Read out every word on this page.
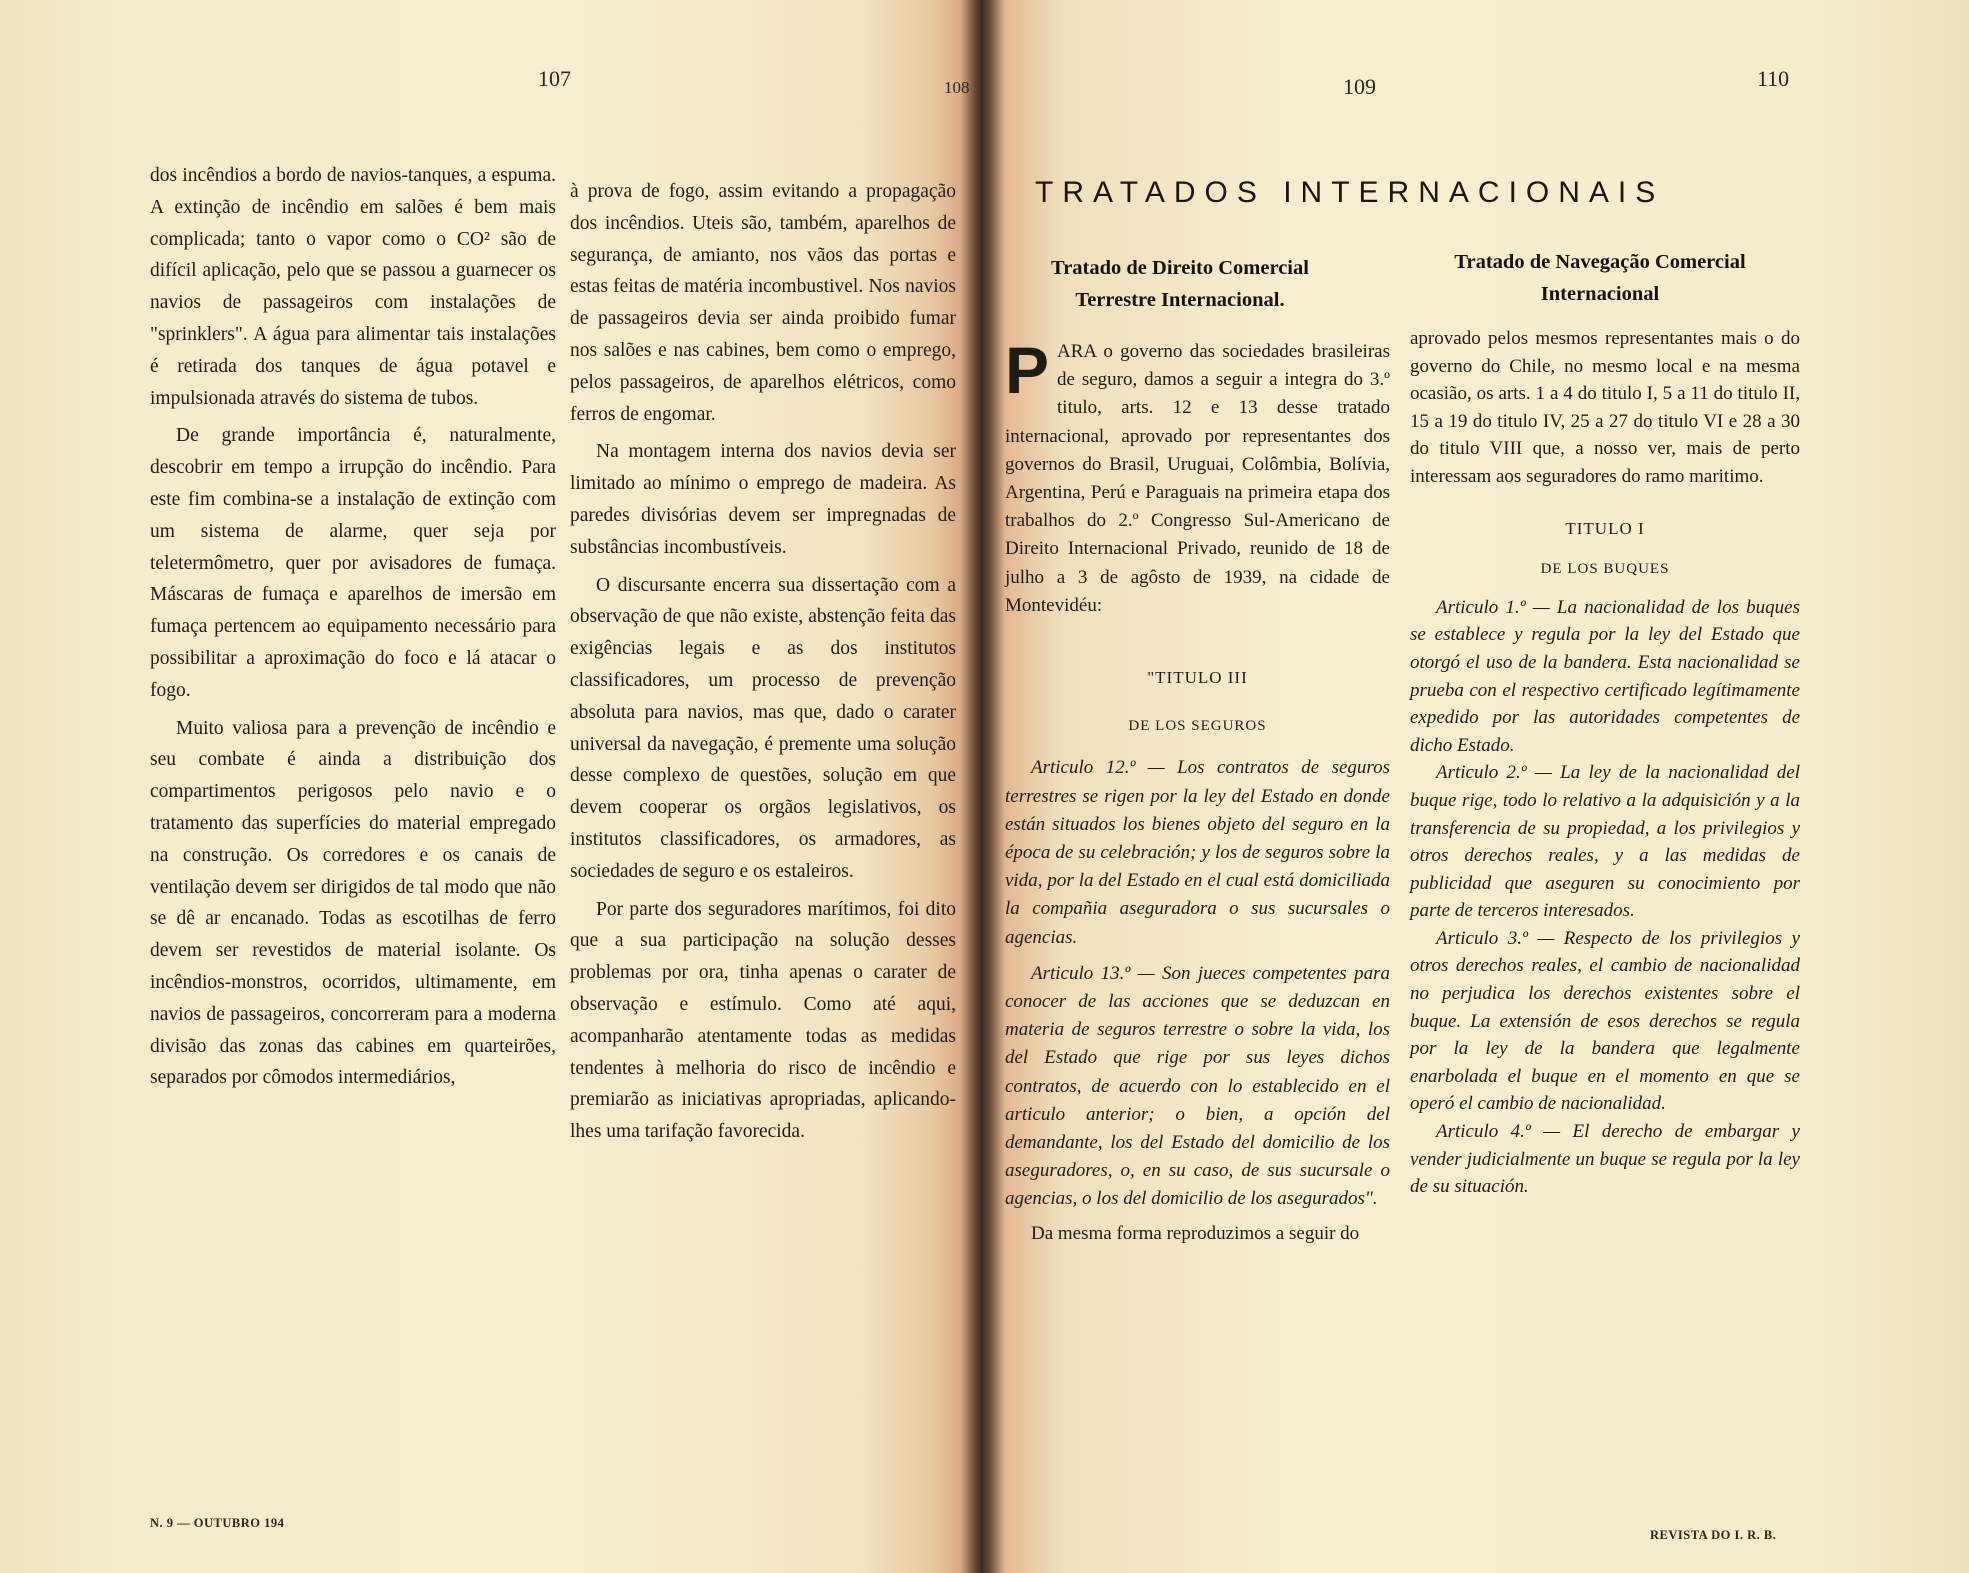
107	108	109	110

dos incêndios a bordo de navios-tanques, a espuma. A extinção de incêndio em salões é bem mais complicada; tanto o vapor como o CO² são de difícil aplicação, pelo que se passou a guarnecer os navios de passageiros com instalações de "sprinklers". A água para alimentar tais instalações é retirada dos tanques de água potavel e impulsionada através do sistema de tubos.

De grande importância é, naturalmente, descobrir em tempo a irrupção do incêndio. Para este fim combina-se a instalação de extinção com um sistema de alarme, quer seja por teletermômetro, quer por avisadores de fumaça. Máscaras de fumaça e aparelhos de imersão em fumaça pertencem ao equipamento necessário para possibilitar a aproximação do foco e lá atacar o fogo.

Muito valiosa para a prevenção de incêndio e seu combate é ainda a distribuição dos compartimentos perigosos pelo navio e o tratamento das superfícies do material empregado na construção. Os corredores e os canais de ventilação devem ser dirigidos de tal modo que não se dê ar encanado. Todas as escotilhas de ferro devem ser revestidos de material isolante. Os incêndios-monstros, ocorridos, ultimamente, em navios de passageiros, concorreram para a moderna divisão das zonas das cabines em quarteirões, separados por cômodos intermediários,

à prova de fogo, assim evitando a propagação dos incêndios. Uteis são, também, aparelhos de segurança, de amianto, nos vãos das portas e estas feitas de matéria incombustivel. Nos navios de passageiros devia ser ainda proibido fumar nos salões e nas cabines, bem como o emprego, pelos passageiros, de aparelhos elétricos, como ferros de engomar.

Na montagem interna dos navios devia ser limitado ao mínimo o emprego de madeira. As paredes divisórias devem ser impregnadas de substâncias incombustíveis.

O discursante encerra sua dissertação com a observação de que não existe, abstenção feita das exigências legais e as dos institutos classificadores, um processo de prevenção absoluta para navios, mas que, dado o carater universal da navegação, é premente uma solução desse complexo de questões, solução em que devem cooperar os orgãos legislativos, os institutos classificadores, os armadores, as sociedades de seguro e os estaleiros.

Por parte dos seguradores marítimos, foi dito que a sua participação na solução desses problemas por ora, tinha apenas o carater de observação e estímulo. Como até aqui, acompanharão atentamente todas as medidas tendentes à melhoria do risco de incêndio e premiarão as iniciativas apropriadas, aplicando-lhes uma tarifação favorecida.

TRATADOS INTERNACIONAIS
Tratado de Direito Comercial Terrestre Internacional.

PARA o governo das sociedades brasileiras de seguro, damos a seguir a integra do 3.º titulo, arts. 12 e 13 desse tratado internacional, aprovado por representantes dos governos do Brasil, Uruguai, Colômbia, Bolívia, Argentina, Perú e Paraguais na primeira etapa dos trabalhos do 2.º Congresso Sul-Americano de Direito Internacional Privado, reunido de 18 de julho a 3 de agôsto de 1939, na cidade de Montevidéu:

"TITULO III
DE LOS SEGUROS

Articulo 12.º — Los contratos de seguros terrestres se rigen por la ley del Estado en donde están situados los bienes objeto del seguro en la época de su celebración; y los de seguros sobre la vida, por la del Estado en el cual está domiciliada la compañia aseguradora o sus sucursales o agencias.

Articulo 13.º — Son jueces competentes para conocer de las acciones que se deduzcan en materia de seguros terrestre o sobre la vida, los del Estado que rige por sus leyes dichos contratos, de acuerdo con lo establecido en el articulo anterior; o bien, a opción del demandante, los del Estado del domicilio de los aseguradores, o, en su caso, de sus sucursale o agencias, o los del domicilio de los asegurados".

Da mesma forma reproduzimos a seguir do

Tratado de Navegação Comercial Internacional

aprovado pelos mesmos representantes mais o do governo do Chile, no mesmo local e na mesma ocasião, os arts. 1 a 4 do titulo I, 5 a 11 do titulo II, 15 a 19 do titulo IV, 25 a 27 do titulo VI e 28 a 30 do titulo VIII que, a nosso ver, mais de perto interessam aos seguradores do ramo maritimo.

TITULO I
DE LOS BUQUES

Articulo 1.º — La nacionalidad de los buques se establece y regula por la ley del Estado que otorgó el uso de la bandera. Esta nacionalidad se prueba con el respectivo certificado legítimamente expedido por las autoridades competentes de dicho Estado.

Articulo 2.º — La ley de la nacionalidad del buque rige, todo lo relativo a la adquisición y a la transferencia de su propiedad, a los privilegios y otros derechos reales, y a las medidas de publicidad que aseguren su conocimiento por parte de terceros interesados.

Articulo 3.º — Respecto de los privilegios y otros derechos reales, el cambio de nacionalidad no perjudica los derechos existentes sobre el buque. La extensión de esos derechos se regula por la ley de la bandera que legalmente enarbolada el buque en el momento en que se operó el cambio de nacionalidad.

Articulo 4.º — El derecho de embargar y vender judicialmente un buque se regula por la ley de su situación.

N. 9 — OUTUBRO 194
REVISTA DO I. R. B.
